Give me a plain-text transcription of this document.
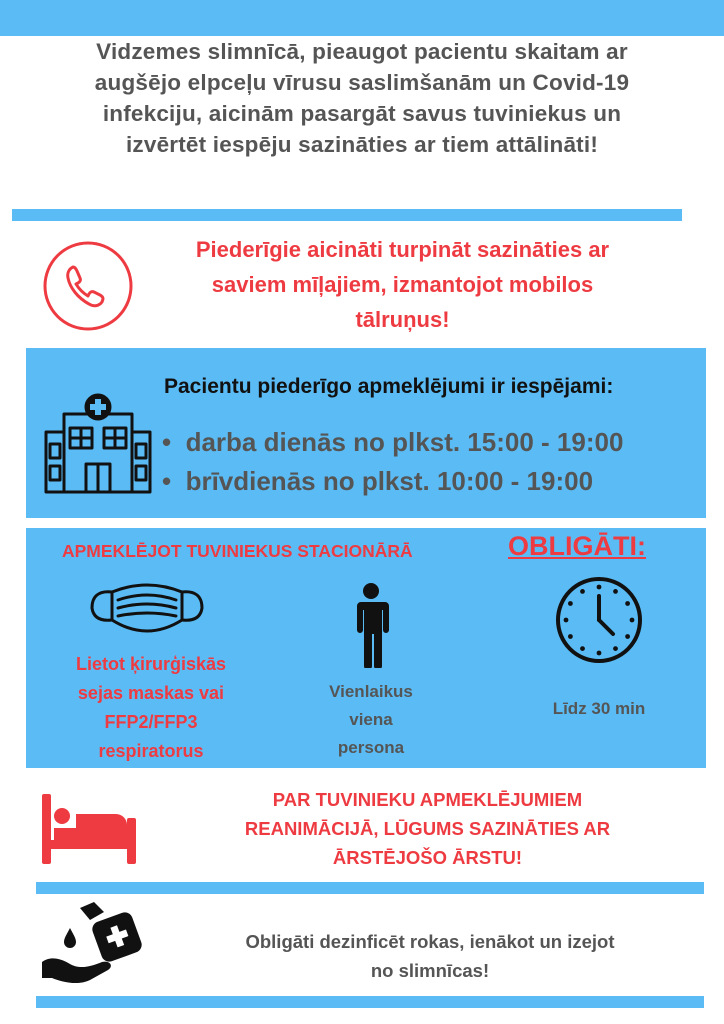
Vidzemes slimnīcā, pieaugot pacientu skaitam ar
augšējo elpceļu vīrusu saslimšanām un Covid-19
infekciju, aicinām pasargāt savus tuviniekus un
izvērtēt iespēju sazināties ar tiem attālināti!
Piederīgie aicināti turpināt sazināties ar
saviem mīļajiem, izmantojot mobilos
tālruņus!
Pacientu piederīgo apmeklējumi ir iespējami:
•  darba dienās no plkst. 15:00 - 19:00
•  brīvdienās no plkst. 10:00 - 19:00
APMEKLĒJOT TUVINIEKUS STACIONĀRĀ	OBLIGĀTI:
Lietot ķirurģiskās
sejas maskas vai
FFP2/FFP3
respiratorus
Vienlaikus
viena
persona
Līdz 30 min
PAR TUVINIEKU APMEKLĒJUMIEM
REANIMĀCIJĀ, LŪGUMS SAZINĀTIES AR
ĀRSTĒJOŠO ĀRSTU!
Obligāti dezinficēt rokas, ienākot un izejot
no slimnīcas!
